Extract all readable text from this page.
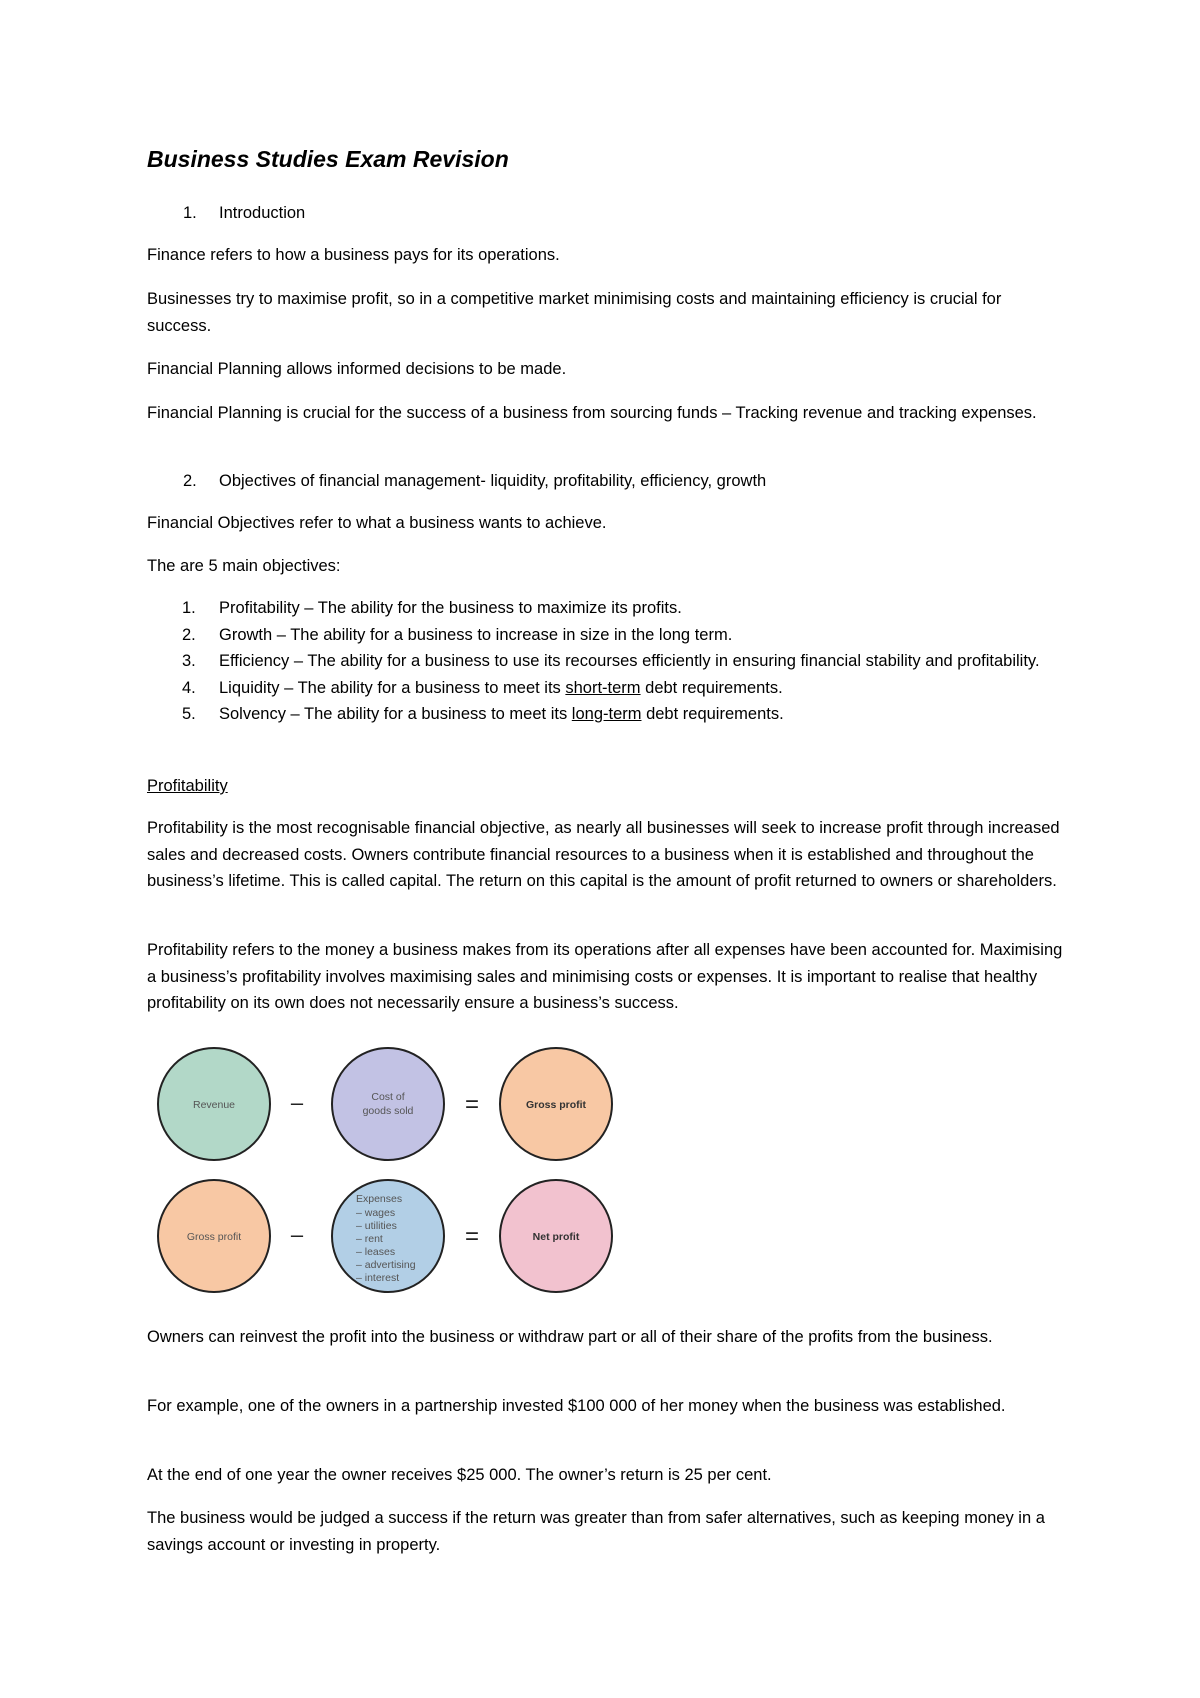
Business Studies Exam Revision
1. Introduction
Finance refers to how a business pays for its operations.
Businesses try to maximise profit, so in a competitive market minimising costs and maintaining efficiency is crucial for success.
Financial Planning allows informed decisions to be made.
Financial Planning is crucial for the success of a business from sourcing funds – Tracking revenue and tracking expenses.
2. Objectives of financial management- liquidity, profitability, efficiency, growth
Financial Objectives refer to what a business wants to achieve.
The are 5 main objectives:
1. Profitability – The ability for the business to maximize its profits.
2. Growth – The ability for a business to increase in size in the long term.
3. Efficiency – The ability for a business to use its recourses efficiently in ensuring financial stability and profitability.
4. Liquidity – The ability for a business to meet its short-term debt requirements.
5. Solvency – The ability for a business to meet its long-term debt requirements.
Profitability
Profitability is the most recognisable financial objective, as nearly all businesses will seek to increase profit through increased sales and decreased costs. Owners contribute financial resources to a business when it is established and throughout the business’s lifetime. This is called capital. The return on this capital is the amount of profit returned to owners or shareholders.
Profitability refers to the money a business makes from its operations after all expenses have been accounted for. Maximising a business’s profitability involves maximising sales and minimising costs or expenses. It is important to realise that healthy profitability on its own does not necessarily ensure a business’s success.
Owners can reinvest the profit into the business or withdraw part or all of their share of the profits from the business.
For example, one of the owners in a partnership invested $100 000 of her money when the business was established.
At the end of one year the owner receives $25 000. The owner’s return is 25 per cent.
The business would be judged a success if the return was greater than from safer alternatives, such as keeping money in a savings account or investing in property.
Revenue	–	Cost of
goods sold =	Gross profit
Gross profit –
Expenses
– wages
– utilities
– rent
– leases
– advertising
– interest
=	Net profit
